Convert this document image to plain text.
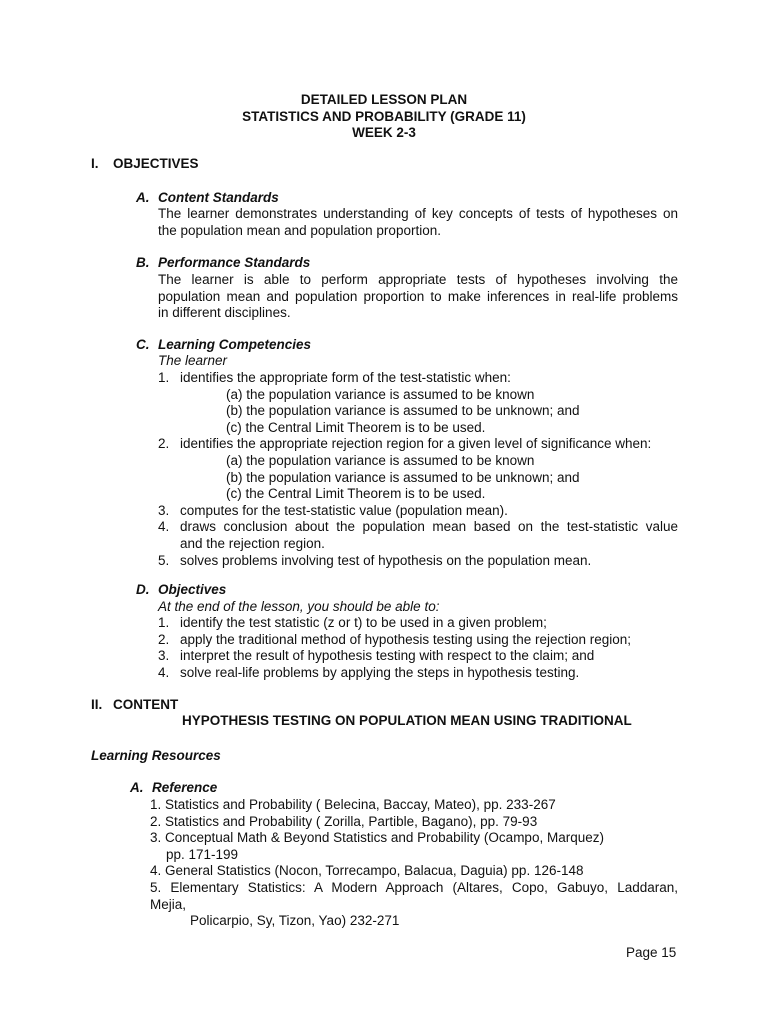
DETAILED LESSON PLAN
STATISTICS AND PROBABILITY (GRADE 11)
WEEK 2-3
I. OBJECTIVES
A. Content Standards
The learner demonstrates understanding of key concepts of tests of hypotheses on
the population mean and population proportion.
B. Performance Standards
The learner is able to perform appropriate tests of hypotheses involving the
population mean and population proportion to make inferences in real-life problems
in different disciplines.
C. Learning Competencies
The learner
1. identifies the appropriate form of the test-statistic when:
(a) the population variance is assumed to be known
(b) the population variance is assumed to be unknown; and
(c) the Central Limit Theorem is to be used.
2. identifies the appropriate rejection region for a given level of significance when:
(a) the population variance is assumed to be known
(b) the population variance is assumed to be unknown; and
(c) the Central Limit Theorem is to be used.
3. computes for the test-statistic value (population mean).
4. draws conclusion about the population mean based on the test-statistic value
and the rejection region.
5. solves problems involving test of hypothesis on the population mean.
D. Objectives
At the end of the lesson, you should be able to:
1. identify the test statistic (z or t) to be used in a given problem;
2. apply the traditional method of hypothesis testing using the rejection region;
3. interpret the result of hypothesis testing with respect to the claim; and
4. solve real-life problems by applying the steps in hypothesis testing.
II. CONTENT
HYPOTHESIS TESTING ON POPULATION MEAN USING TRADITIONAL
Learning Resources
A. Reference
1. Statistics and Probability ( Belecina, Baccay, Mateo), pp. 233-267
2. Statistics and Probability ( Zorilla, Partible, Bagano), pp. 79-93
3. Conceptual Math & Beyond Statistics and Probability (Ocampo, Marquez)
pp. 171-199
4. General Statistics (Nocon, Torrecampo, Balacua, Daguia) pp. 126-148
5. Elementary Statistics: A Modern Approach (Altares, Copo, Gabuyo, Laddaran,
Mejia,
Policarpio, Sy, Tizon, Yao) 232-271
Page 15
